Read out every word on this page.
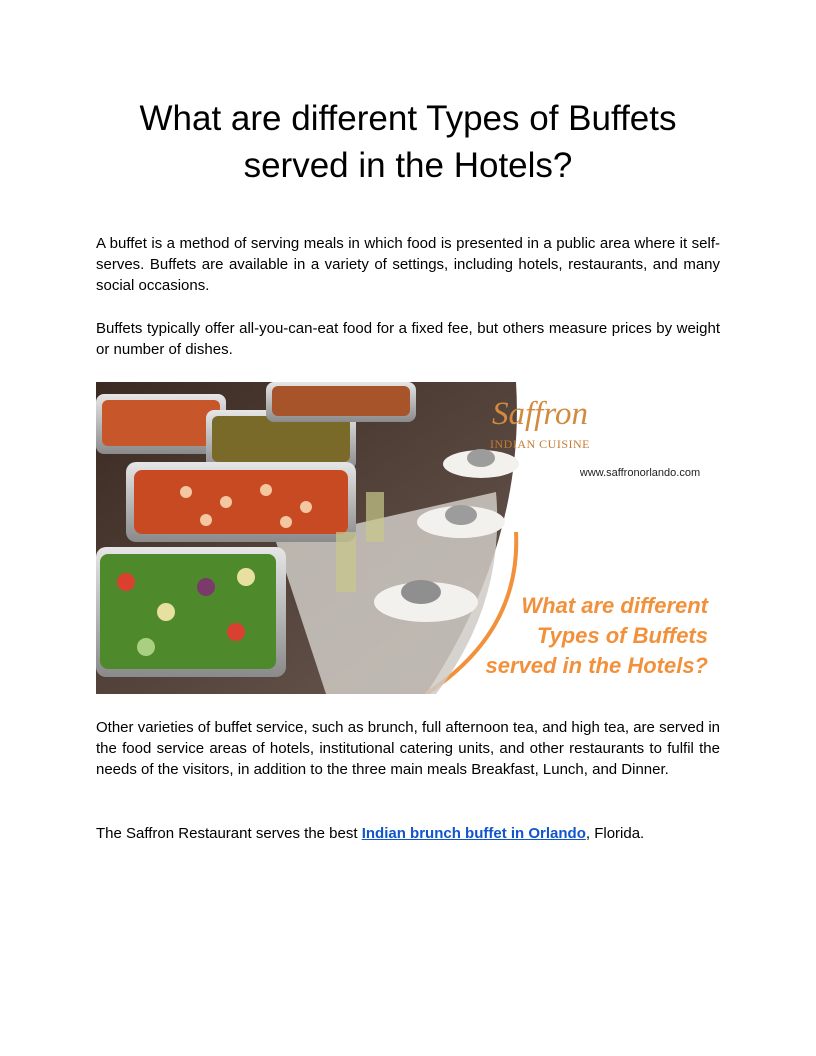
What are different Types of Buffets
served in the Hotels?

A buffet is a method of serving meals in which food is presented in a public area where it self-serves. Buffets are available in a variety of settings, including hotels, restaurants, and many social occasions.

Buffets typically offer all-you-can-eat food for a fixed fee, but others measure prices by weight or number of dishes.

Saffron
INDIAN CUISINE
www.saffronorlando.com
What are different
Types of Buffets
served in the Hotels?

Other varieties of buffet service, such as brunch, full afternoon tea, and high tea, are served in the food service areas of hotels, institutional catering units, and other restaurants to fulfil the needs of the visitors, in addition to the three main meals Breakfast, Lunch, and Dinner.

The Saffron Restaurant serves the best Indian brunch buffet in Orlando, Florida.
